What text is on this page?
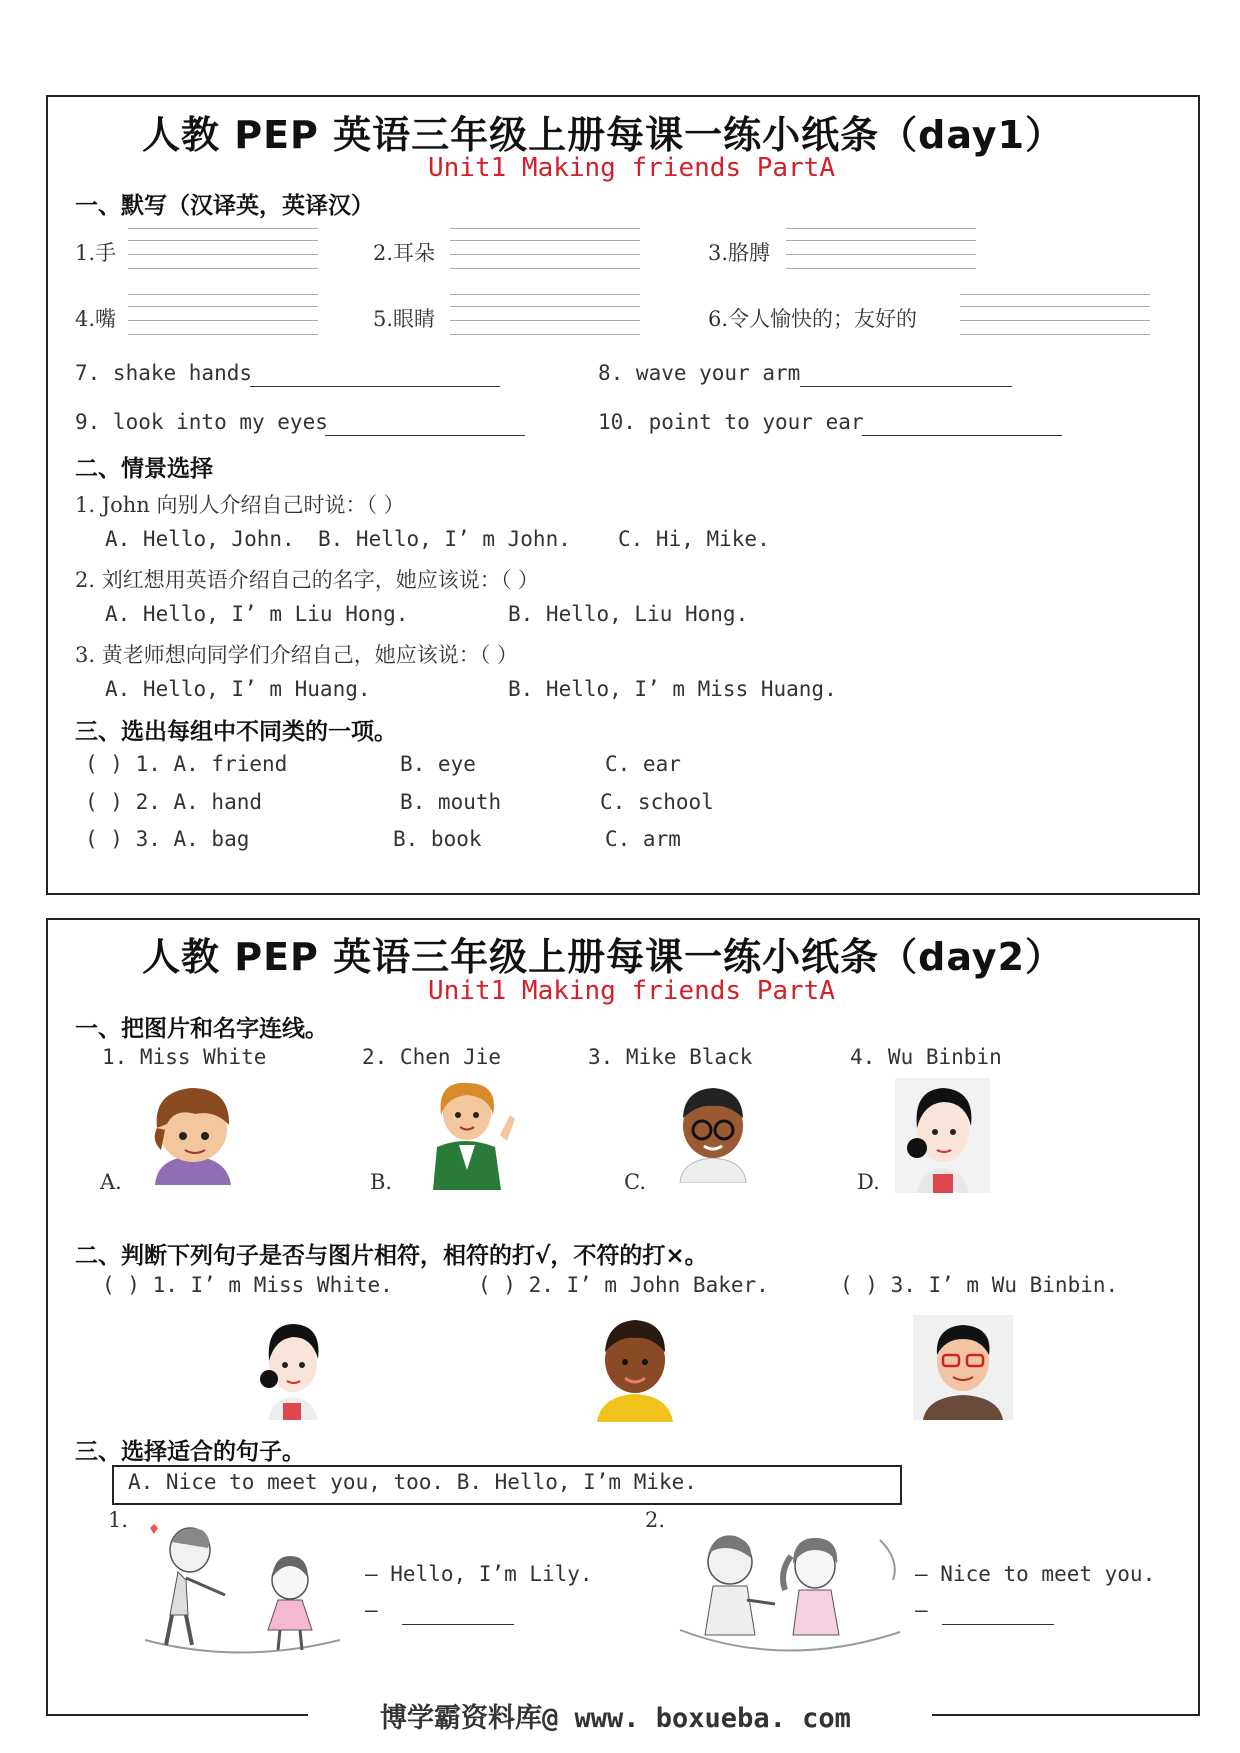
人教 PEP 英语三年级上册每课一练小纸条（day1）
Unit1 Making friends PartA
一、默写（汉译英，英译汉）
1.手	2.耳朵	3.胳膊
4.嘴	5.眼睛	6.令人愉快的；友好的
7. shake hands	8. wave your arm
9. look into my eyes	10. point to your ear
二、情景选择
1. John 向别人介绍自己时说：（ ）
A. Hello, John. B. Hello, I’ m John. C. Hi, Mike.
2. 刘红想用英语介绍自己的名字，她应该说：（ ）
A. Hello, I’ m Liu Hong.	B. Hello, Liu Hong.
3. 黄老师想向同学们介绍自己，她应该说：（ ）
A. Hello, I’ m Huang.	B. Hello, I’ m Miss Huang.
三、选出每组中不同类的一项。
( ) 1. A. friend	B. eye	C. ear
( ) 2. A. hand	B. mouth	C. school
( ) 3. A. bag	B. book	C. arm
人教 PEP 英语三年级上册每课一练小纸条（day2）
Unit1 Making friends PartA
一、把图片和名字连线。
1. Miss White	2. Chen Jie	3. Mike Black	4. Wu Binbin
A.	B.	C.	D.
二、判断下列句子是否与图片相符，相符的打√，不符的打×。
( ) 1. I’ m Miss White.	( ) 2. I’ m John Baker.	( ) 3. I’ m Wu Binbin.
三、选择适合的句子。
A. Nice to meet you, too. B. Hello, I’m Mike.
1.	2.
— Hello, I’m Lily.
—
— Nice to meet you.
—
博学霸资料库@ www. boxueba. com
